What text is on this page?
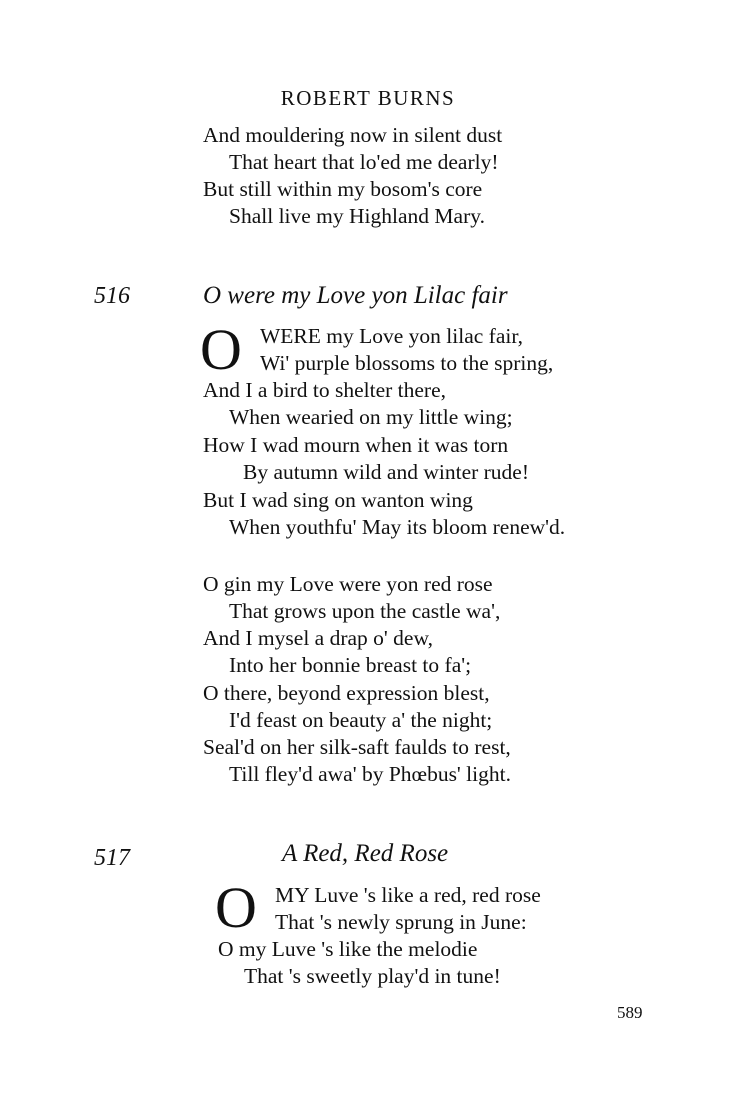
ROBERT BURNS
And mouldering now in silent dust
That heart that lo'ed me dearly!
But still within my bosom's core
Shall live my Highland Mary.
516	O were my Love yon Lilac fair
O WERE my Love yon lilac fair,
Wi' purple blossoms to the spring,
And I a bird to shelter there,
When wearied on my little wing;
How I wad mourn when it was torn
By autumn wild and winter rude!
But I wad sing on wanton wing
When youthfu' May its bloom renew'd.
O gin my Love were yon red rose
That grows upon the castle wa',
And I mysel a drap o' dew,
Into her bonnie breast to fa';
O there, beyond expression blest,
I'd feast on beauty a' the night;
Seal'd on her silk-saft faulds to rest,
Till fley'd awa' by Phœbus' light.
517	A Red, Red Rose
O MY Luve 's like a red, red rose
That 's newly sprung in June:
O my Luve 's like the melodie
That 's sweetly play'd in tune!
589
